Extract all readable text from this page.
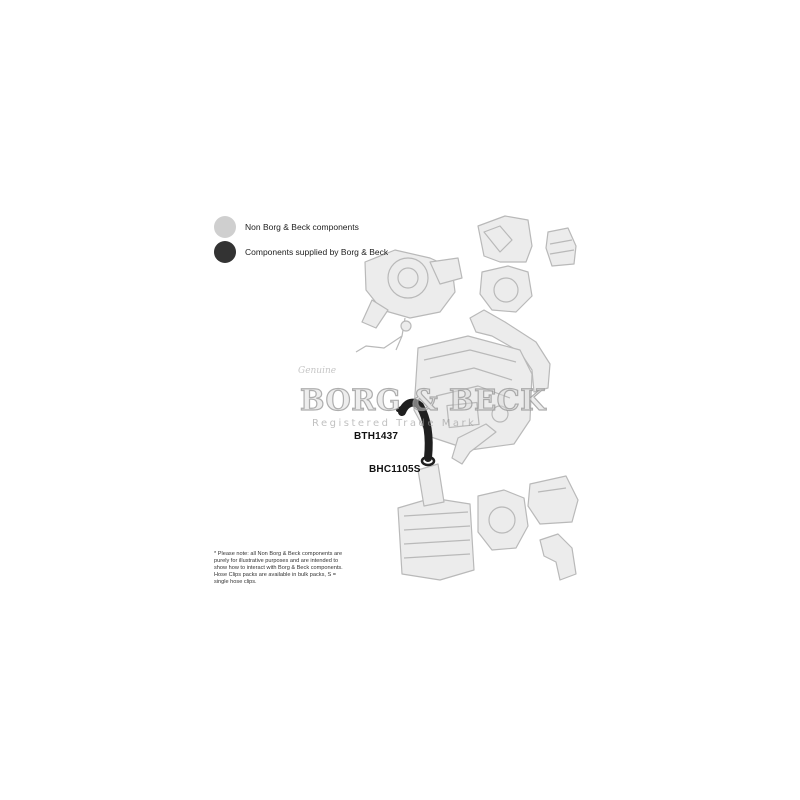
Non Borg & Beck components
Components supplied by Borg & Beck
Genuine
BORG & BECK
Registered Trade Mark
BTH1437
BHC1105S
* Please note: all Non Borg & Beck components are purely for illustrative purposes and are intended to show how to interact with Borg & Beck components. Hose Clips packs are available in bulk packs, S = single hose clips.
